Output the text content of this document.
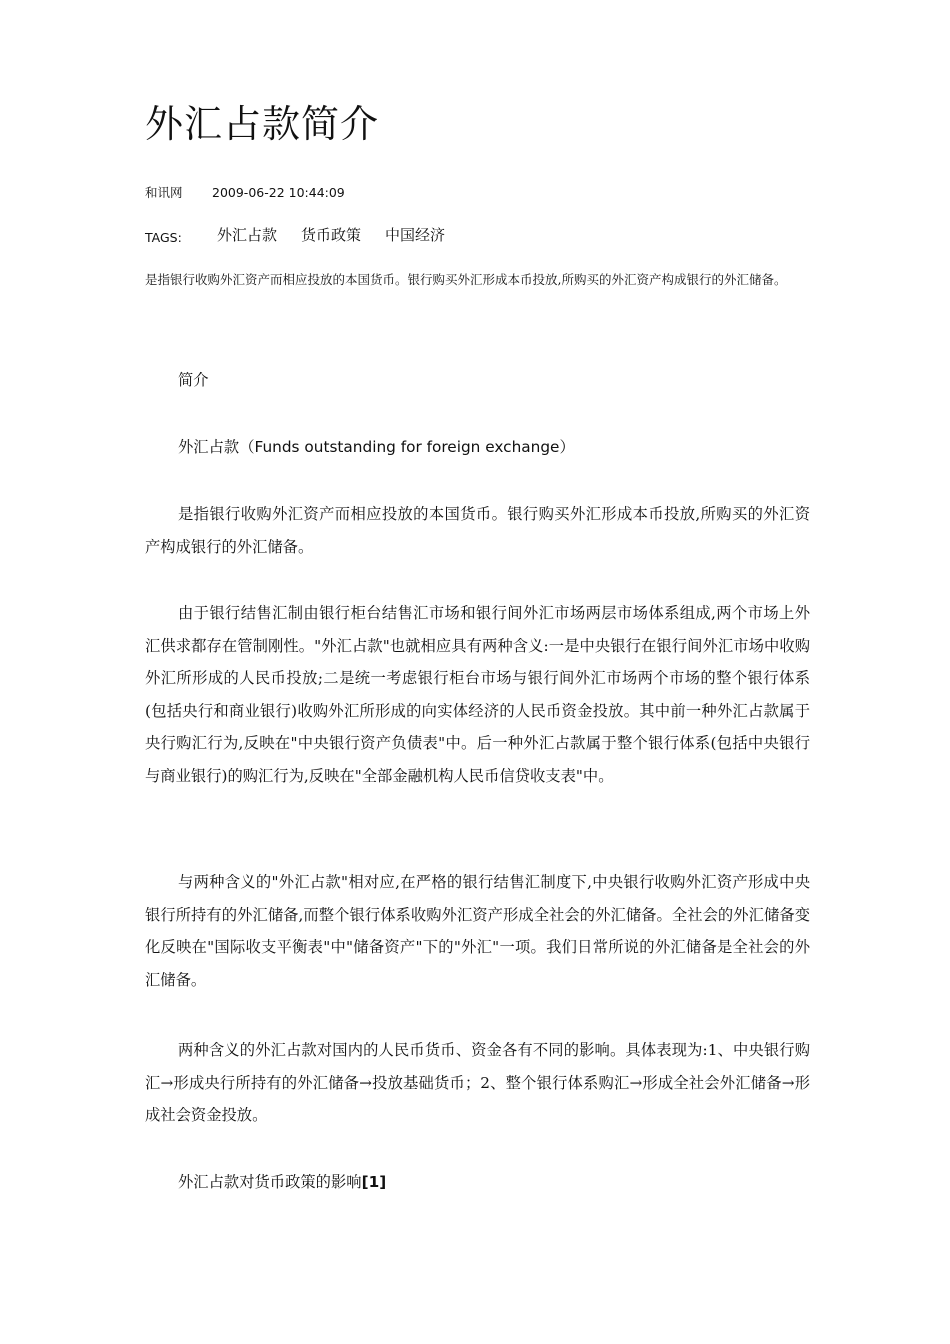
外汇占款简介
和讯网 2009-06-22 10:44:09
TAGS: 外汇占款 货币政策 中国经济
是指银行收购外汇资产而相应投放的本国货币。银行购买外汇形成本币投放,所购买的外汇资产构成银行的外汇储备。
简介
外汇占款（Funds outstanding for foreign exchange）
是指银行收购外汇资产而相应投放的本国货币。银行购买外汇形成本币投放,所购买的外汇资产构成银行的外汇储备。
由于银行结售汇制由银行柜台结售汇市场和银行间外汇市场两层市场体系组成,两个市场上外汇供求都存在管制刚性。"外汇占款"也就相应具有两种含义:一是中央银行在银行间外汇市场中收购外汇所形成的人民币投放;二是统一考虑银行柜台市场与银行间外汇市场两个市场的整个银行体系(包括央行和商业银行)收购外汇所形成的向实体经济的人民币资金投放。其中前一种外汇占款属于央行购汇行为,反映在"中央银行资产负债表"中。后一种外汇占款属于整个银行体系(包括中央银行与商业银行)的购汇行为,反映在"全部金融机构人民币信贷收支表"中。
与两种含义的"外汇占款"相对应,在严格的银行结售汇制度下,中央银行收购外汇资产形成中央银行所持有的外汇储备,而整个银行体系收购外汇资产形成全社会的外汇储备。全社会的外汇储备变化反映在"国际收支平衡表"中"储备资产"下的"外汇"一项。我们日常所说的外汇储备是全社会的外汇储备。
两种含义的外汇占款对国内的人民币货币、资金各有不同的影响。具体表现为:1、中央银行购汇→形成央行所持有的外汇储备→投放基础货币；2、整个银行体系购汇→形成全社会外汇储备→形成社会资金投放。
外汇占款对货币政策的影响[1]
